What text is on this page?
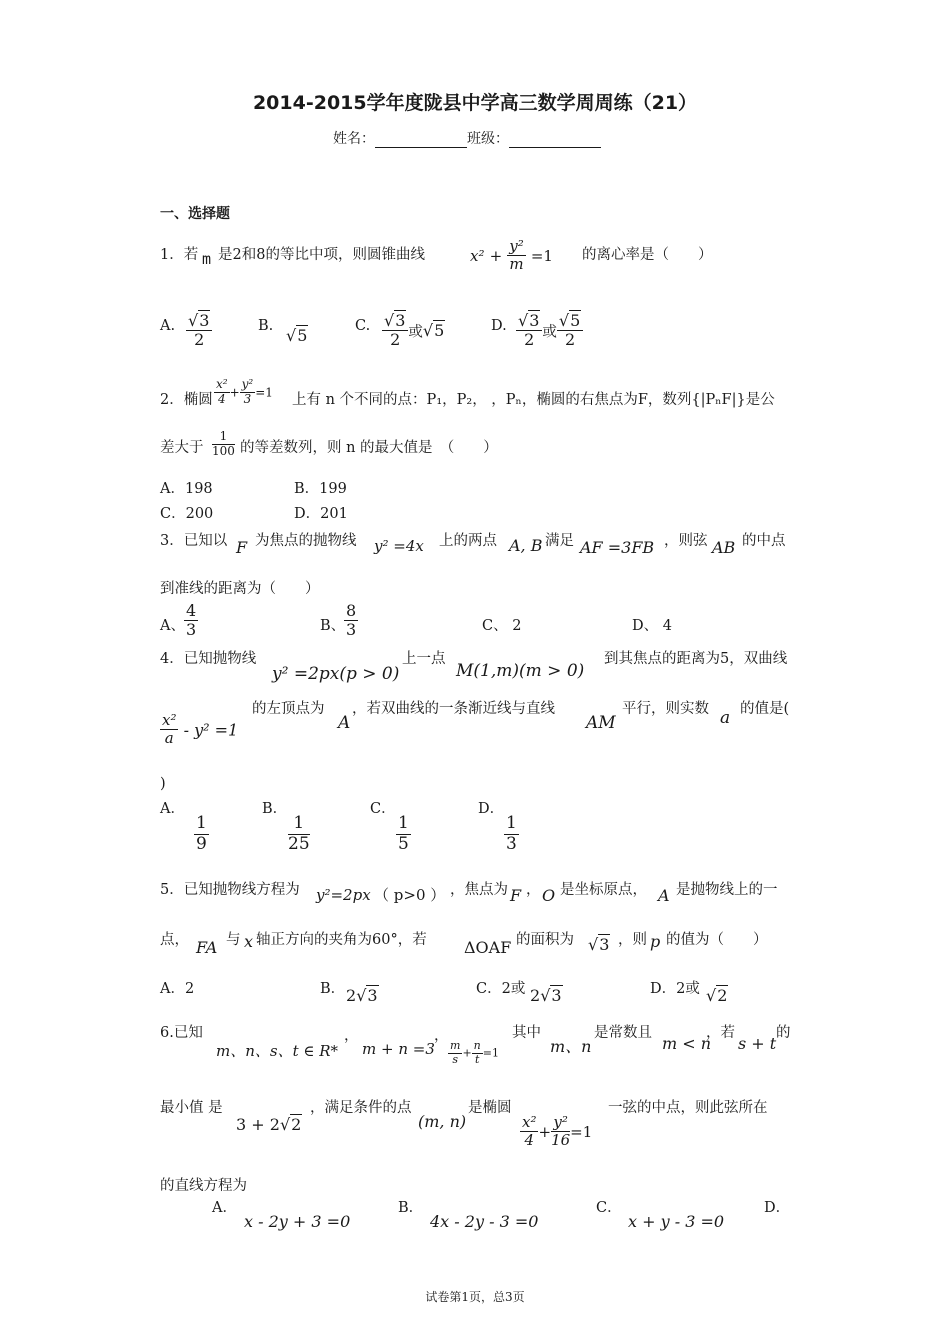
2014-2015学年度陇县中学高三数学周周练（21）
姓名：	班级：
一、选择题
1．若 m 是2和8的等比中项，则圆锥曲线	$x^2 + \frac{\text{y²}}{m} =1$ 的离心率是（　　）
A. $\frac{√3}{2}$	B. √5	C. $\frac{√3}{2}$ 或√5	D. $\frac{√3}{2}$ 或 $\frac{√5}{2}$
2．椭圆 $\frac{\text{x²}}{4} + \frac{\text{y²}}{3} =1$ 上有 n 个不同的点：P₁，P₂， ，Pₙ，椭圆的右焦点为F，数列{|PₙF|}是公
差大于 $\frac{1}{100}$ 的等差数列，则 n 的最大值是　（　　）
A．198	B．199
C．200	D．201
3．已知以 F 为焦点的抛物线 y² =4x 上的两点 A, B 满足 AF =3FB ，则弦 AB 的中点
到准线的距离为（　　）
A、 $\frac{4}{3}$	B、
$\frac{8}{3}$	C、 2	D、 4
4．已知抛物线
y² =2px(p > 0)
上一点
M(1,m)(m > 0)
到其焦点的距离为5，双曲线
$\frac{\text{x²}}{a} - y^2 =1$
的左顶点为
A
，若双曲线的一条渐近线与直线
AM
平行，则实数 a 的值是(
)
A．
$\frac{1}{9}$
B．
$\frac{1}{25}$
C．
$\frac{1}{5}$
D．
$\frac{1}{3}$
5．已知抛物线方程为 y²=2px （ p>0 ） ，焦点为 F ， O 是坐标原点， A 是抛物线上的一
点， FA 与 x 轴正方向的夹角为60°，若 ΔOAF 的面积为 √3 ，则 p 的值为（　　）
A．2	B． 2√3	C．2或 2√3	D．2或 √2
6.已知
m、n、s、t ∈ R*
，
m + n =3
，
$\frac{m}{s} + \frac{n}{t} =1$
其中
m、n
是常数且
m < n
，若
s + t
的
最小值 是
3 + 2√2
，满足条件的点
(m, n)
是椭圆
$\frac{\text{x²}}{4} + \frac{\text{y²}}{16} =1$
一弦的中点，则此弦所在
的直线方程为
A．
x - 2y + 3 =0
B．
4x - 2y - 3 =0
C．
x + y - 3 =0
D．
试卷第1页，总3页
